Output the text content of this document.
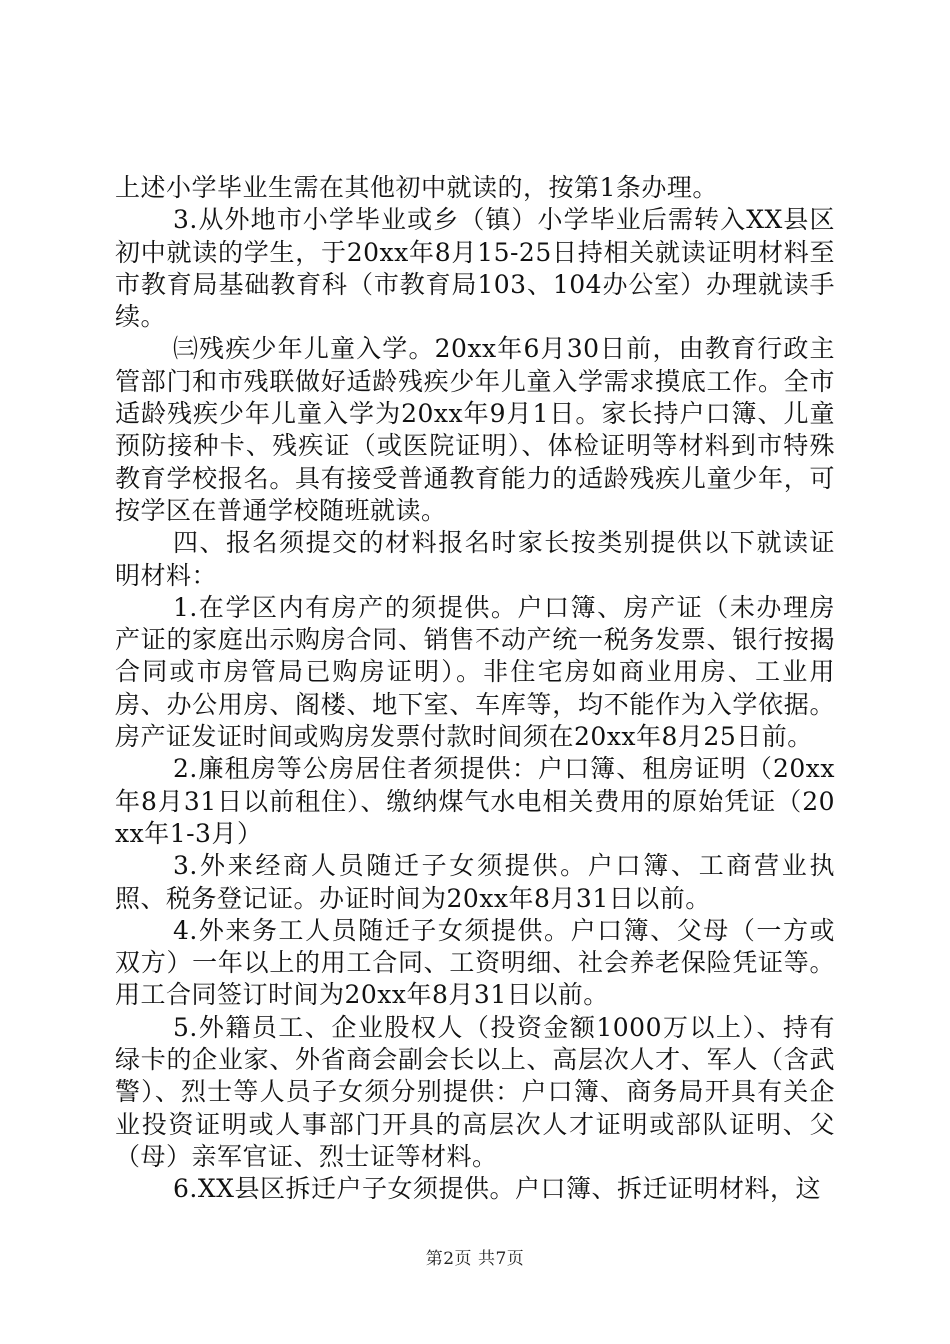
上述小学毕业生需在其他初中就读的，按第1条办理。

3.从外地市小学毕业或乡（镇）小学毕业后需转入XX县区初中就读的学生，于20xx年8月15-25日持相关就读证明材料至市教育局基础教育科（市教育局103、104办公室）办理就读手续。

㈢残疾少年儿童入学。20xx年6月30日前，由教育行政主管部门和市残联做好适龄残疾少年儿童入学需求摸底工作。全市适龄残疾少年儿童入学为20xx年9月1日。家长持户口簿、儿童预防接种卡、残疾证（或医院证明）、体检证明等材料到市特殊教育学校报名。具有接受普通教育能力的适龄残疾儿童少年，可按学区在普通学校随班就读。

四、报名须提交的材料报名时家长按类别提供以下就读证明材料：

1.在学区内有房产的须提供。户口簿、房产证（未办理房产证的家庭出示购房合同、销售不动产统一税务发票、银行按揭合同或市房管局已购房证明）。非住宅房如商业用房、工业用房、办公用房、阁楼、地下室、车库等，均不能作为入学依据。房产证发证时间或购房发票付款时间须在20xx年8月25日前。

2.廉租房等公房居住者须提供：户口簿、租房证明（20xx年8月31日以前租住）、缴纳煤气水电相关费用的原始凭证（20xx年1-3月）

3.外来经商人员随迁子女须提供。户口簿、工商营业执照、税务登记证。办证时间为20xx年8月31日以前。

4.外来务工人员随迁子女须提供。户口簿、父母（一方或双方）一年以上的用工合同、工资明细、社会养老保险凭证等。用工合同签订时间为20xx年8月31日以前。

5.外籍员工、企业股权人（投资金额1000万以上）、持有绿卡的企业家、外省商会副会长以上、高层次人才、军人（含武警）、烈士等人员子女须分别提供：户口簿、商务局开具有关企业投资证明或人事部门开具的高层次人才证明或部队证明、父（母）亲军官证、烈士证等材料。

6.XX县区拆迁户子女须提供。户口簿、拆迁证明材料，这

第2页 共7页
